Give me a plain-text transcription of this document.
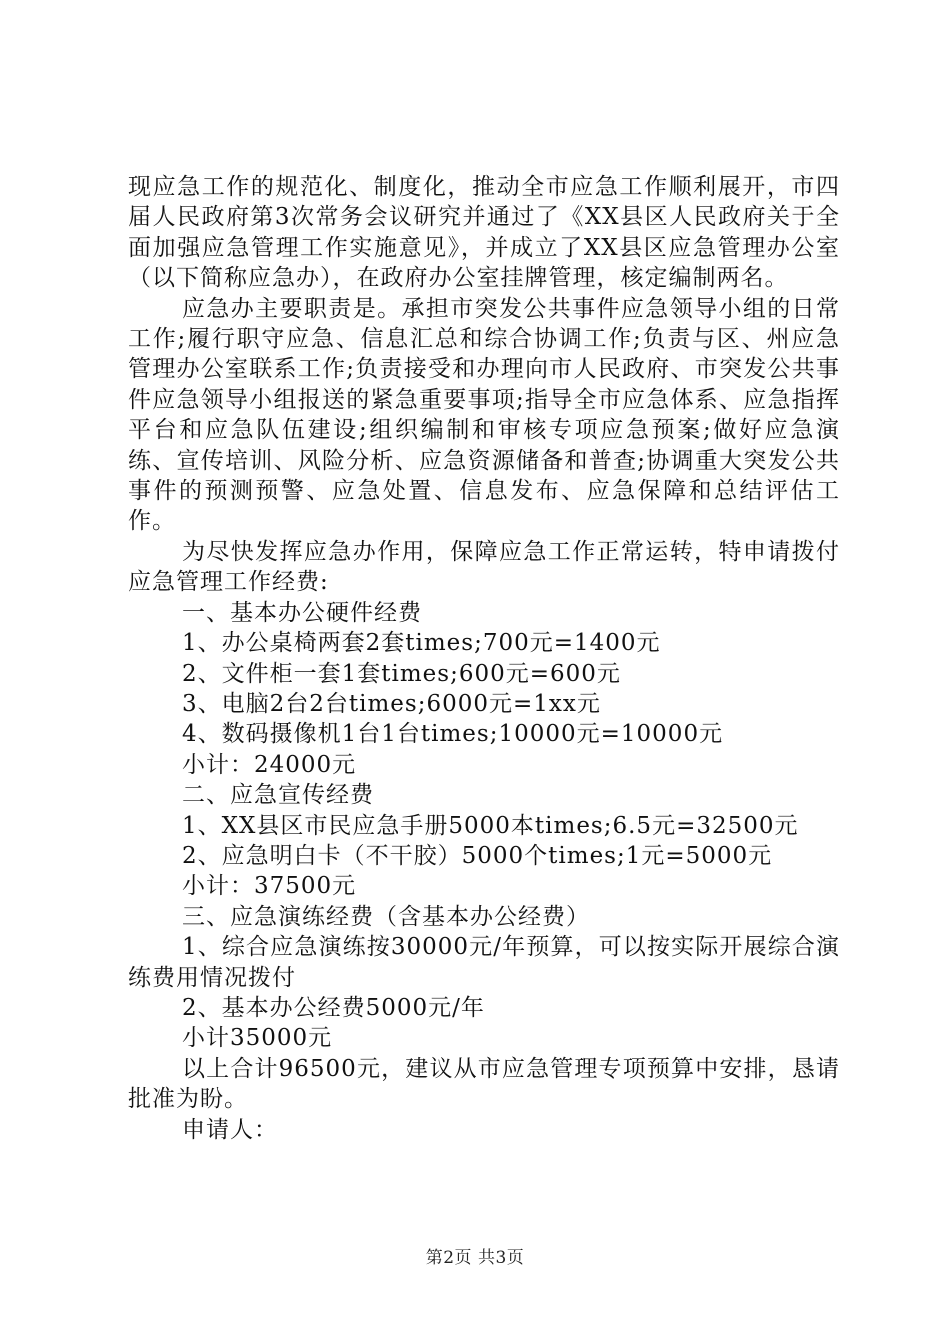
现应急工作的规范化、制度化，推动全市应急工作顺利展开，市四届人民政府第3次常务会议研究并通过了《XX县区人民政府关于全面加强应急管理工作实施意见》，并成立了XX县区应急管理办公室（以下简称应急办），在政府办公室挂牌管理，核定编制两名。

应急办主要职责是。承担市突发公共事件应急领导小组的日常工作;履行职守应急、信息汇总和综合协调工作;负责与区、州应急管理办公室联系工作;负责接受和办理向市人民政府、市突发公共事件应急领导小组报送的紧急重要事项;指导全市应急体系、应急指挥平台和应急队伍建设;组织编制和审核专项应急预案;做好应急演练、宣传培训、风险分析、应急资源储备和普查;协调重大突发公共事件的预测预警、应急处置、信息发布、应急保障和总结评估工作。

为尽快发挥应急办作用，保障应急工作正常运转，特申请拨付应急管理工作经费:

一、基本办公硬件经费

1、办公桌椅两套2套times;700元=1400元

2、文件柜一套1套times;600元=600元

3、电脑2台2台times;6000元=1xx元

4、数码摄像机1台1台times;10000元=10000元

小计：24000元

二、应急宣传经费

1、XX县区市民应急手册5000本times;6.5元=32500元

2、应急明白卡（不干胶）5000个times;1元=5000元

小计：37500元

三、应急演练经费（含基本办公经费）

1、综合应急演练按30000元/年预算，可以按实际开展综合演练费用情况拨付

2、基本办公经费5000元/年

小计35000元

以上合计96500元，建议从市应急管理专项预算中安排，恳请批准为盼。

申请人：

第2页 共3页
